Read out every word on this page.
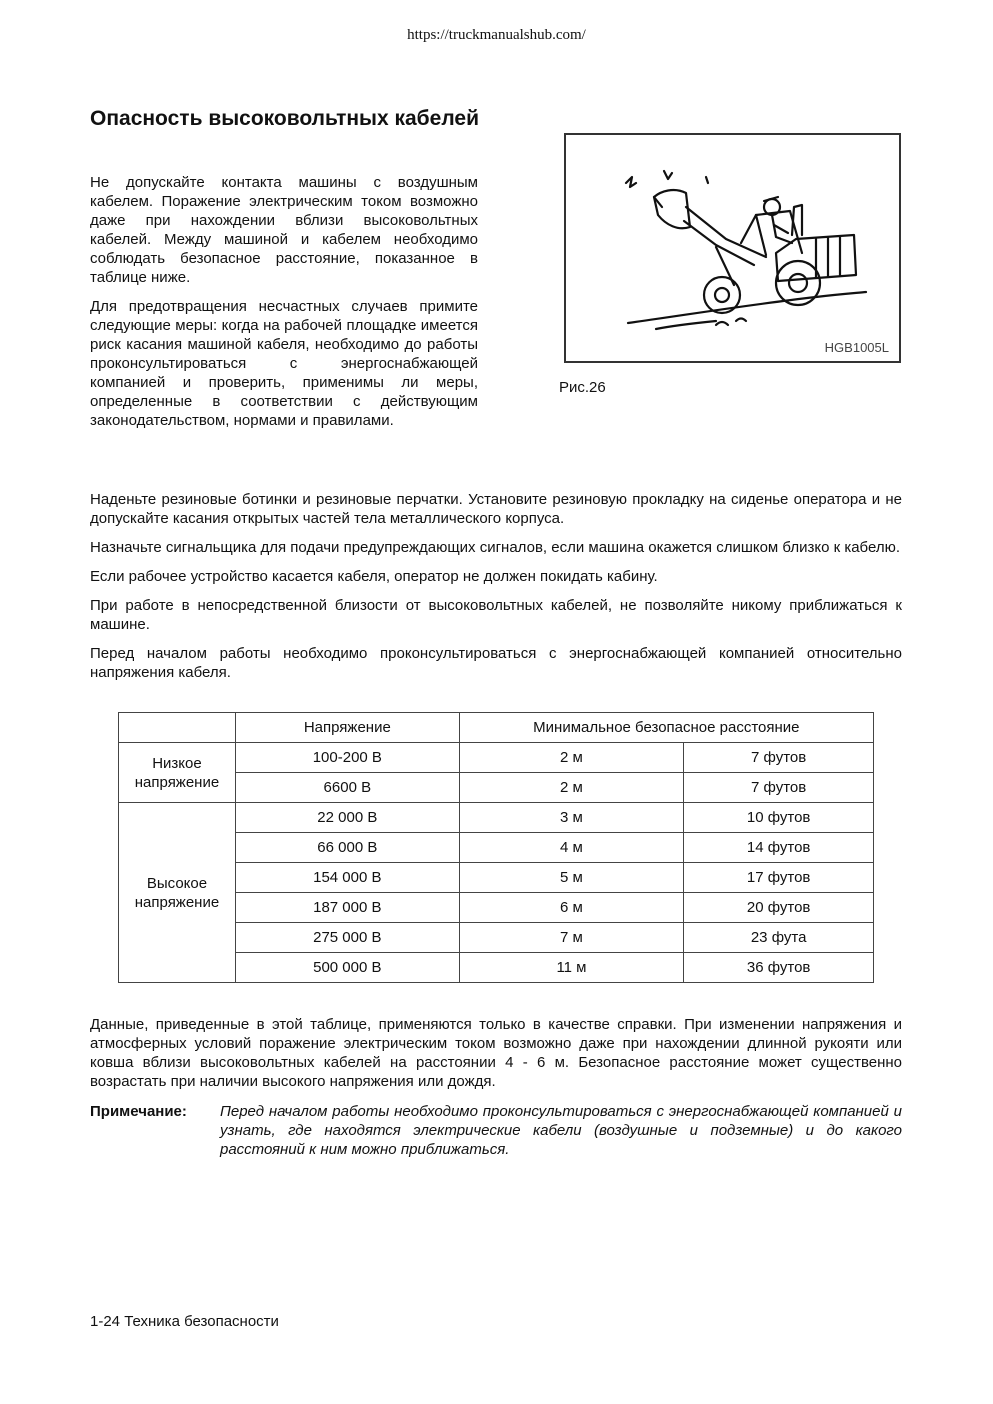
https://truckmanualshub.com/
Опасность высоковольтных кабелей

Не допускайте контакта машины с воздушным кабелем. Поражение электрическим током возможно даже при нахождении вблизи высоковольтных кабелей. Между машиной и кабелем необходимо соблюдать безопасное расстояние, показанное в таблице ниже.

Для предотвращения несчастных случаев примите следующие меры: когда на рабочей площадке имеется риск касания машиной кабеля, необходимо до работы проконсультироваться с энергоснабжающей компанией и проверить, применимы ли меры, определенные в соответствии с действующим законодательством, нормами и правилами.

HGB1005L
Рис.26

Наденьте резиновые ботинки и резиновые перчатки. Установите резиновую прокладку на сиденье оператора и не допускайте касания открытых частей тела металлического корпуса.

Назначьте сигнальщика для подачи предупреждающих сигналов, если машина окажется слишком близко к кабелю.

Если рабочее устройство касается кабеля, оператор не должен покидать кабину.

При работе в непосредственной близости от высоковольтных кабелей, не позволяйте никому приближаться к машине.

Перед началом работы необходимо проконсультироваться с энергоснабжающей компанией относительно напряжения кабеля.

	Напряжение	Минимальное безопасное расстояние	
Низкое напряжение	100-200 В	2 м	7 футов
	6600 В	2 м	7 футов
Высокое напряжение	22 000 В	3 м	10 футов
	66 000 В	4 м	14 футов
	154 000 В	5 м	17 футов
	187 000 В	6 м	20 футов
	275 000 В	7 м	23 фута
	500 000 В	11 м	36 футов

Данные, приведенные в этой таблице, применяются только в качестве справки. При изменении напряжения и атмосферных условий поражение электрическим током возможно даже при нахождении длинной рукояти или ковша вблизи высоковольтных кабелей на расстоянии 4 - 6 м. Безопасное расстояние может существенно возрастать при наличии высокого напряжения или дождя.

Примечание: Перед началом работы необходимо проконсультироваться с энергоснабжающей компанией и узнать, где находятся электрические кабели (воздушные и подземные) и до какого расстояний к ним можно приближаться.
1-24 Техника безопасности
